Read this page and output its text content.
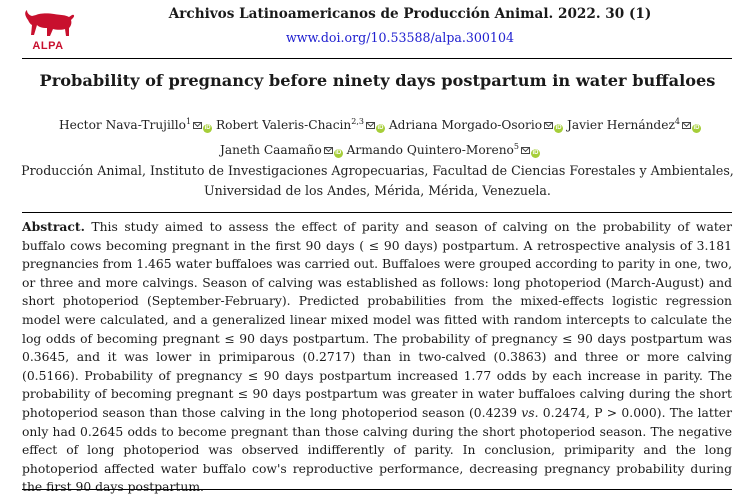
ALPA
Archivos Latinoamericanos de Producción Animal. 2022. 30 (1)
www.doi.org/10.53588/alpa.300104
Probability of pregnancy before ninety days postpartum in water buffaloes
Hector Nava-Trujillo$^1$iD Robert Valeris-Chacin$^{2,3}$iD Adriana Morgado-Osorio iD Javier Hernández$^4$iD
Janeth Caamaño iD Armando Quintero-Moreno$^5$iD
Producción Animal, Instituto de Investigaciones Agropecuarias, Facultad de Ciencias Forestales y Ambientales, Universidad de los Andes, Mérida, Mérida, Venezuela.
Abstract. This study aimed to assess the effect of parity and season of calving on the probability of water buffalo cows becoming pregnant in the first 90 days ( ≤ 90 days) postpartum. A retrospective analysis of 3.181 pregnancies from 1.465 water buffaloes was carried out. Buffaloes were grouped according to parity in one, two, or three and more calvings. Season of calving was established as follows: long photoperiod (March-August) and short photoperiod (September-February). Predicted probabilities from the mixed-effects logistic regression model were calculated, and a generalized linear mixed model was fitted with random intercepts to calculate the log odds of becoming pregnant ≤ 90 days postpartum. The probability of pregnancy ≤ 90 days postpartum was 0.3645, and it was lower in primiparous (0.2717) than in two-calved (0.3863) and three or more calving (0.5166). Probability of pregnancy ≤ 90 days postpartum increased 1.77 odds by each increase in parity. The probability of becoming pregnant ≤ 90 days postpartum was greater in water buffaloes calving during the short photoperiod season than those calving in the long photoperiod season (0.4239 vs. 0.2474, P > 0.000). The latter only had 0.2645 odds to become pregnant than those calving during the short photoperiod season. The negative effect of long photoperiod was observed indifferently of parity. In conclusion, primiparity and the long photoperiod affected water buffalo cow's reproductive performance, decreasing pregnancy probability during the first 90 days postpartum.
